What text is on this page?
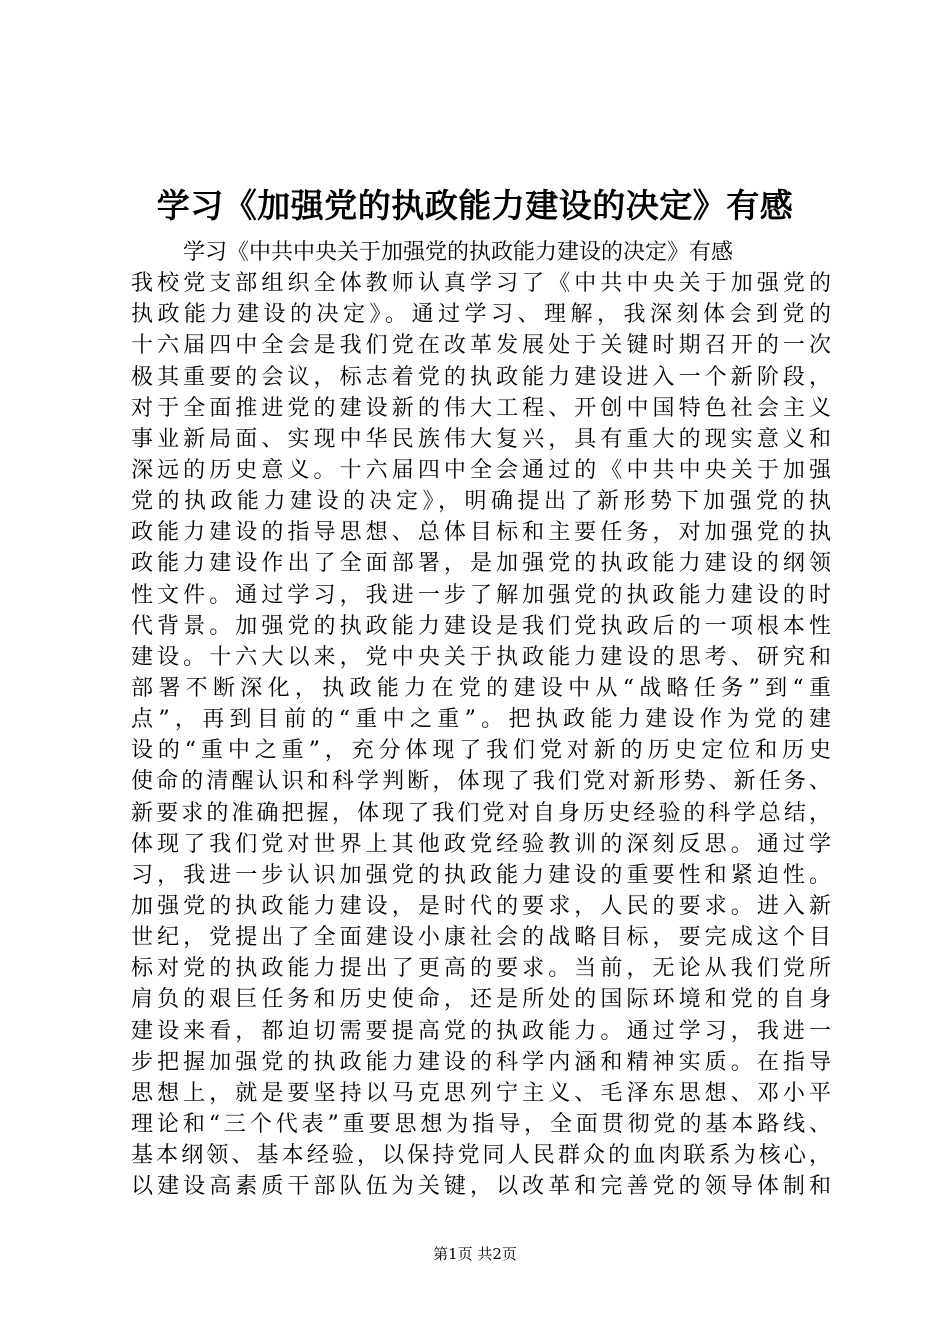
学习《加强党的执政能力建设的决定》有感
学习《中共中央关于加强党的执政能力建设的决定》有感
我校党支部组织全体教师认真学习了《中共中央关于加强党的
执政能力建设的决定》。通过学习、理解，我深刻体会到党的
十六届四中全会是我们党在改革发展处于关键时期召开的一次
极其重要的会议，标志着党的执政能力建设进入一个新阶段，
对于全面推进党的建设新的伟大工程、开创中国特色社会主义
事业新局面、实现中华民族伟大复兴，具有重大的现实意义和
深远的历史意义。十六届四中全会通过的《中共中央关于加强
党的执政能力建设的决定》，明确提出了新形势下加强党的执
政能力建设的指导思想、总体目标和主要任务，对加强党的执
政能力建设作出了全面部署，是加强党的执政能力建设的纲领
性文件。通过学习，我进一步了解加强党的执政能力建设的时
代背景。加强党的执政能力建设是我们党执政后的一项根本性
建设。十六大以来，党中央关于执政能力建设的思考、研究和
部署不断深化，执政能力在党的建设中从“战略任务”到“重
点”，再到目前的“重中之重”。把执政能力建设作为党的建
设的“重中之重”，充分体现了我们党对新的历史定位和历史
使命的清醒认识和科学判断，体现了我们党对新形势、新任务、
新要求的准确把握，体现了我们党对自身历史经验的科学总结，
体现了我们党对世界上其他政党经验教训的深刻反思。通过学
习，我进一步认识加强党的执政能力建设的重要性和紧迫性。
加强党的执政能力建设，是时代的要求，人民的要求。进入新
世纪，党提出了全面建设小康社会的战略目标，要完成这个目
标对党的执政能力提出了更高的要求。当前，无论从我们党所
肩负的艰巨任务和历史使命，还是所处的国际环境和党的自身
建设来看，都迫切需要提高党的执政能力。通过学习，我进一
步把握加强党的执政能力建设的科学内涵和精神实质。在指导
思想上，就是要坚持以马克思列宁主义、毛泽东思想、邓小平
理论和“三个代表”重要思想为指导，全面贯彻党的基本路线、
基本纲领、基本经验，以保持党同人民群众的血肉联系为核心，
以建设高素质干部队伍为关键，以改革和完善党的领导体制和
第1页 共2页
